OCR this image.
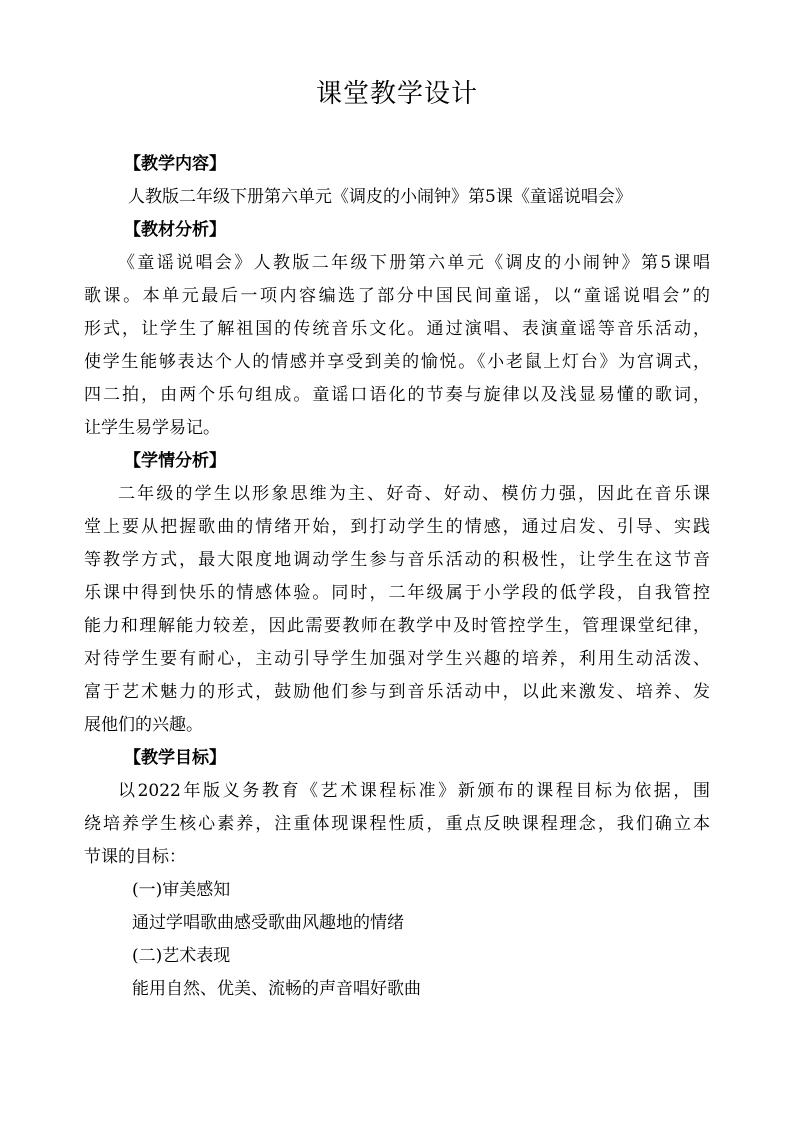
课堂教学设计
【教学内容】
人教版二年级下册第六单元《调皮的小闹钟》第5课《童谣说唱会》
【教材分析】
《童谣说唱会》人教版二年级下册第六单元《调皮的小闹钟》第5课唱
歌课。本单元最后一项内容编选了部分中国民间童谣，以“童谣说唱会”的
形式，让学生了解祖国的传统音乐文化。通过演唱、表演童谣等音乐活动，
使学生能够表达个人的情感并享受到美的愉悦。《小老鼠上灯台》为宫调式，
四二拍，由两个乐句组成。童谣口语化的节奏与旋律以及浅显易懂的歌词，
让学生易学易记。
【学情分析】
二年级的学生以形象思维为主、好奇、好动、模仿力强，因此在音乐课
堂上要从把握歌曲的情绪开始，到打动学生的情感，通过启发、引导、实践
等教学方式，最大限度地调动学生参与音乐活动的积极性，让学生在这节音
乐课中得到快乐的情感体验。同时，二年级属于小学段的低学段，自我管控
能力和理解能力较差，因此需要教师在教学中及时管控学生，管理课堂纪律，
对待学生要有耐心，主动引导学生加强对学生兴趣的培养，利用生动活泼、
富于艺术魅力的形式，鼓励他们参与到音乐活动中，以此来激发、培养、发
展他们的兴趣。
【教学目标】
以2022年版义务教育《艺术课程标准》新颁布的课程目标为依据，围
绕培养学生核心素养，注重体现课程性质，重点反映课程理念，我们确立本
节课的目标：
(一)审美感知
通过学唱歌曲感受歌曲风趣地的情绪
(二)艺术表现
能用自然、优美、流畅的声音唱好歌曲
